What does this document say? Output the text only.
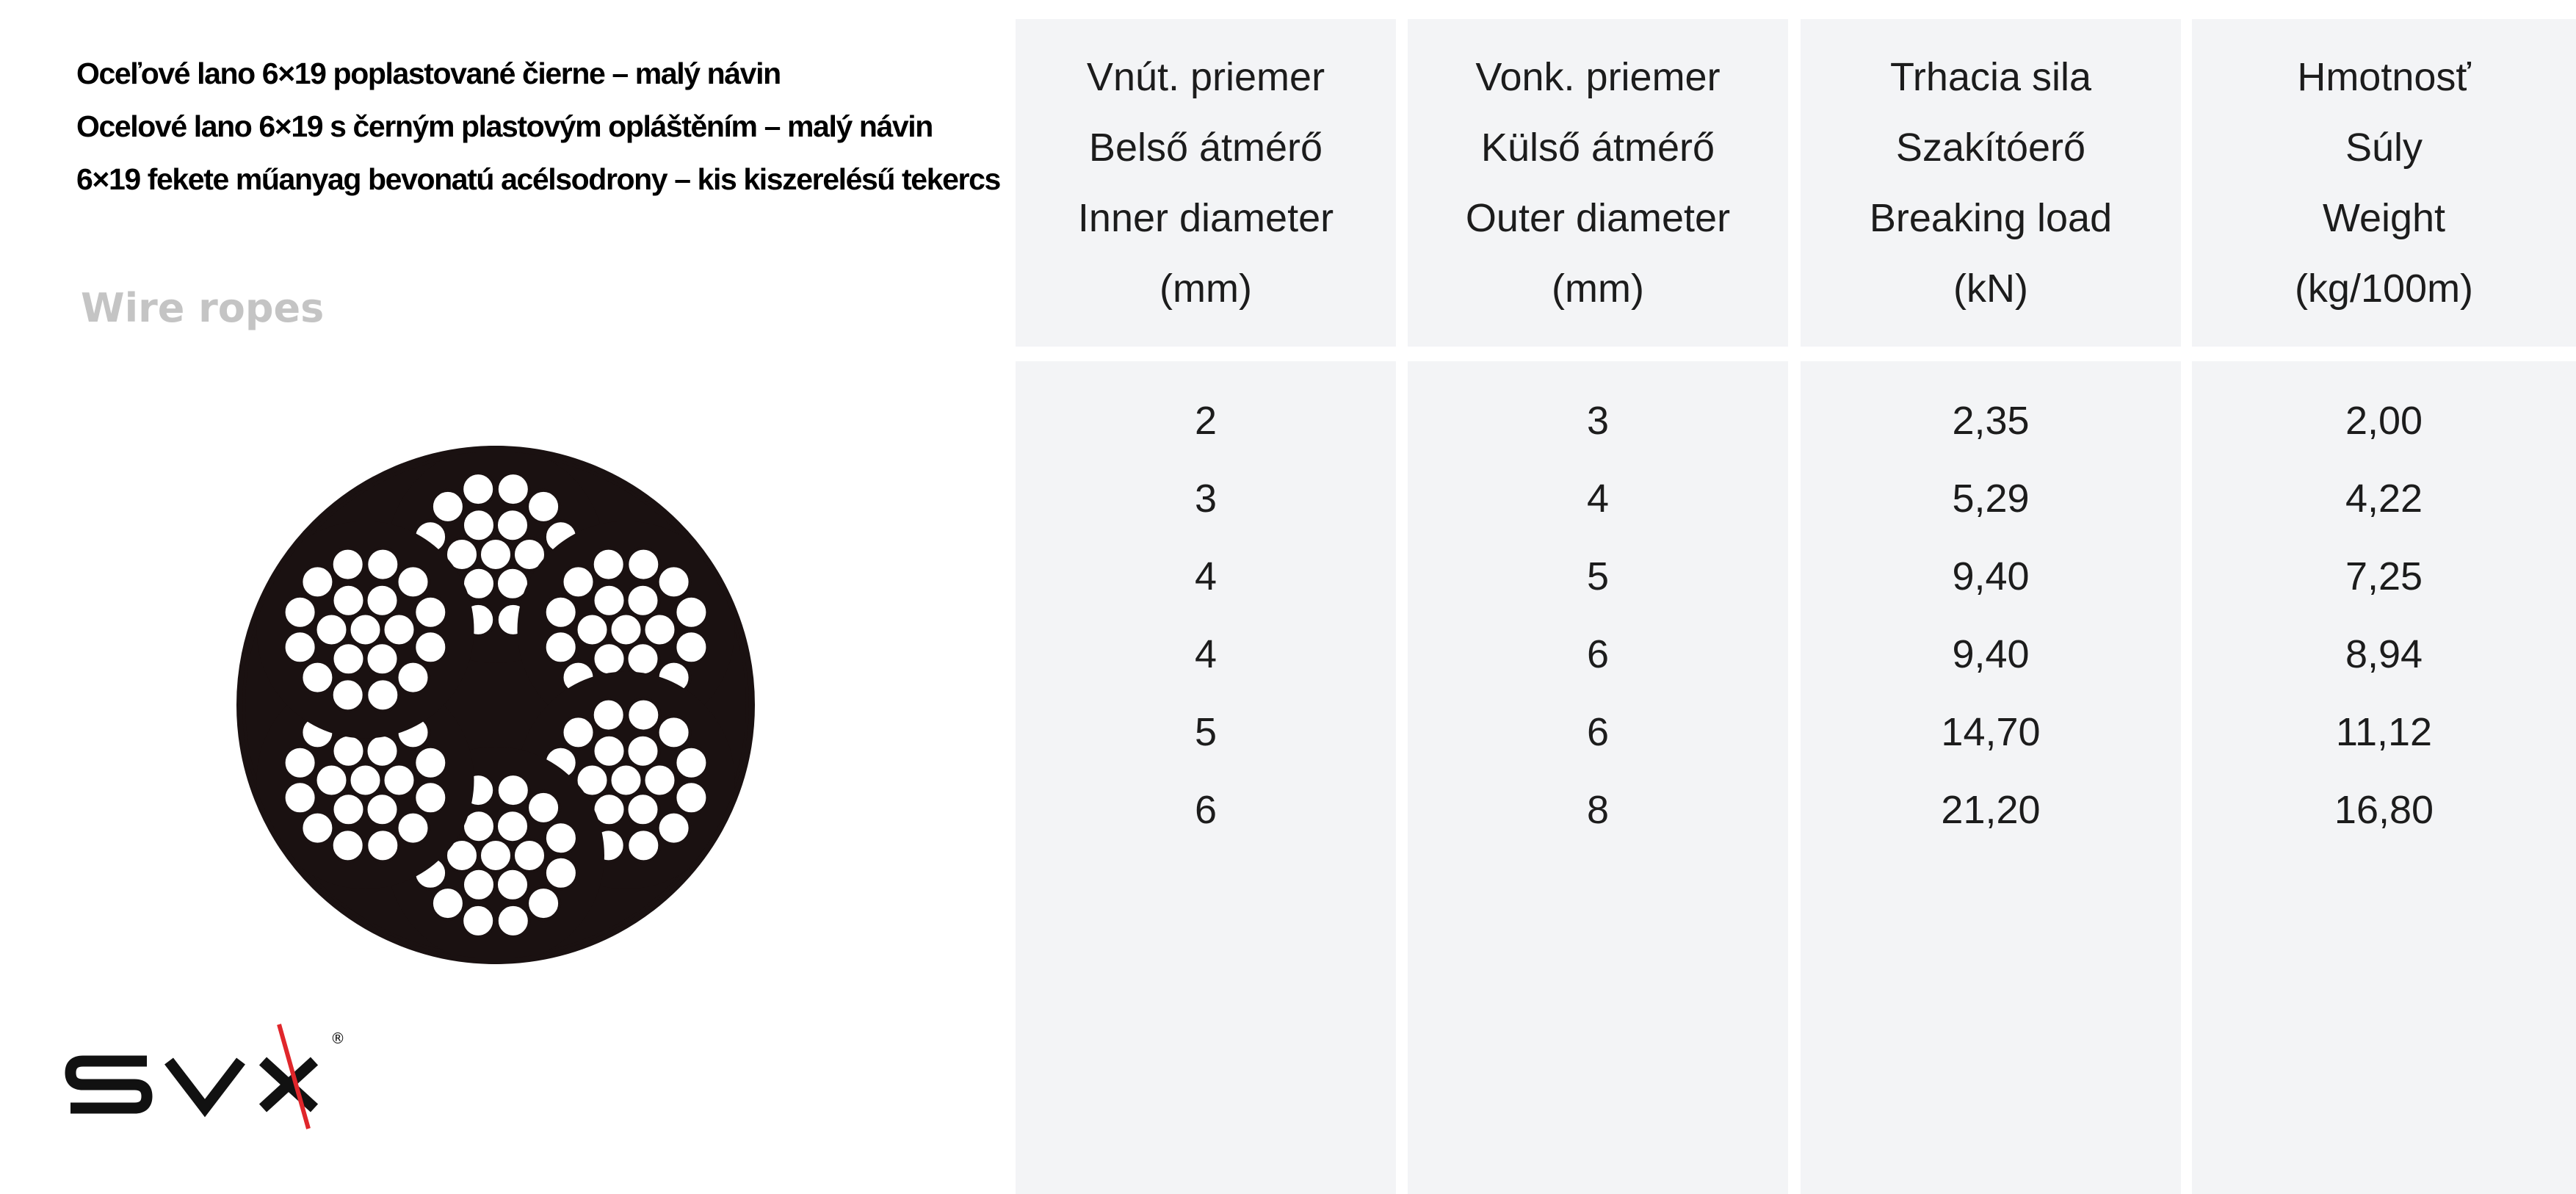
Oceľové lano 6×19 poplastované čierne – malý návin
Ocelové lano 6×19 s černým plastovým opláštěním – malý návin
6×19 fekete műanyag bevonatú acélsodrony – kis kiszerelésű tekercs
Wire ropes
®
Vnút. priemer
Belső átmérő
Inner diameter
(mm)
Vonk. priemer
Külső átmérő
Outer diameter
(mm)
Trhacia sila
Szakítóerő
Breaking load
(kN)
Hmotnosť
Súly
Weight
(kg/100m)
2
3
4
4
5
6
3
4
5
6
6
8
2,35
5,29
9,40
9,40
14,70
21,20
2,00
4,22
7,25
8,94
11,12
16,80
